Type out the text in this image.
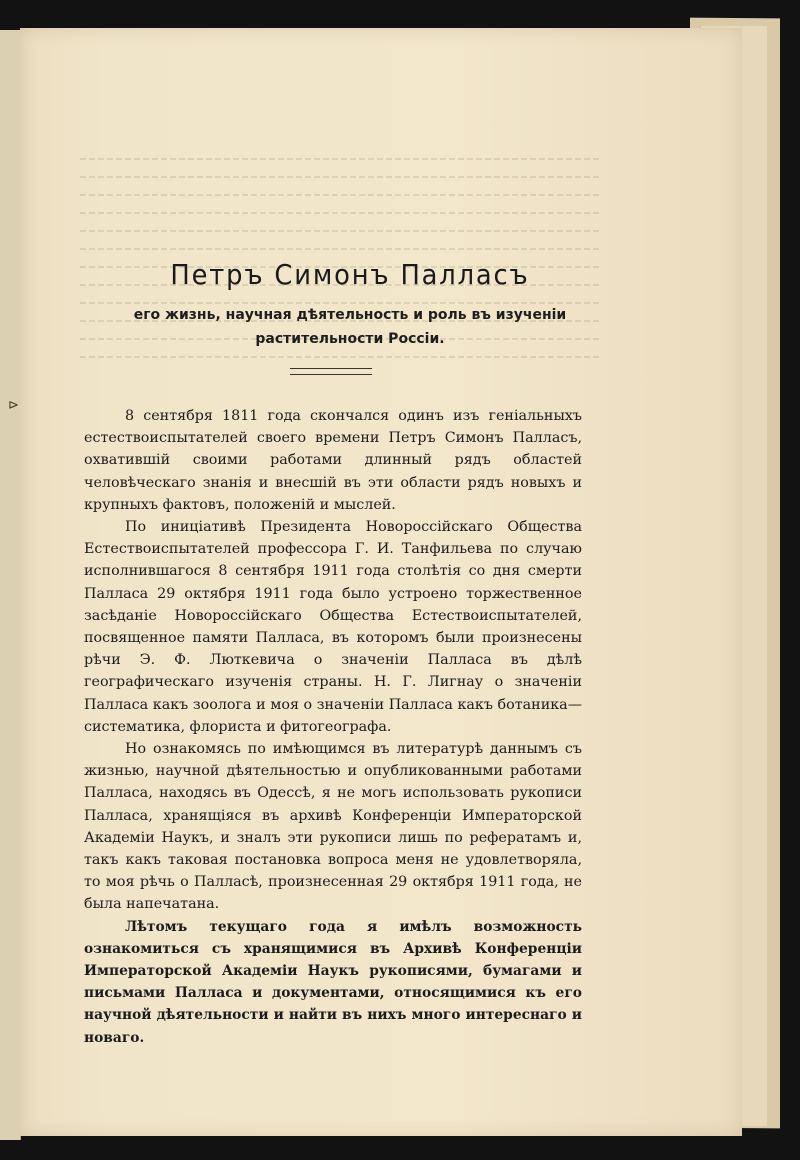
⊳
Петръ Симонъ Палласъ

его жизнь, научная дѣятельность и роль въ изученіи растительности Россіи.

8 сентября 1811 года скончался одинъ изъ геніальныхъ естествоиспытателей своего времени Петръ Симонъ Палласъ, охватившій своими работами длинный рядъ областей человѣческаго знанія и внесшій въ эти области рядъ новыхъ и крупныхъ фактовъ, положеній и мыслей.

По иниціативѣ Президента Новороссійскаго Общества Естествоиспытателей профессора Г. И. Танфильева по случаю исполнившагося 8 сентября 1911 года столѣтія со дня смерти Палласа 29 октября 1911 года было устроено торжественное засѣданіе Новороссійскаго Общества Естествоиспытателей, посвященное памяти Палласа, въ которомъ были произнесены рѣчи Э. Ф. Люткевича о значеніи Палласа въ дѣлѣ географическаго изученія страны. Н. Г. Лигнау о значеніи Палласа какъ зоолога и моя о значеніи Палласа какъ ботаника—систематика, флориста и фитогеографа.

Но ознакомясь по имѣющимся въ литературѣ даннымъ съ жизнью, научной дѣятельностью и опубликованными работами Палласа, находясь въ Одессѣ, я не могь использовать рукописи Палласа, хранящіяся въ архивѣ Конференціи Императорской Академіи Наукъ, и зналъ эти рукописи лишь по рефератамъ и, такъ какъ таковая постановка вопроса меня не удовлетворяла, то моя рѣчь о Палласѣ, произнесенная 29 октября 1911 года, не была напечатана.

Лѣтомъ текущаго года я имѣлъ возможность ознакомиться съ хранящимися въ Архивѣ Конференціи Императорской Академіи Наукъ рукописями, бумагами и письмами Палласа и документами, относящимися къ его научной дѣятельности и найти въ нихъ много интереснаго и новаго.
